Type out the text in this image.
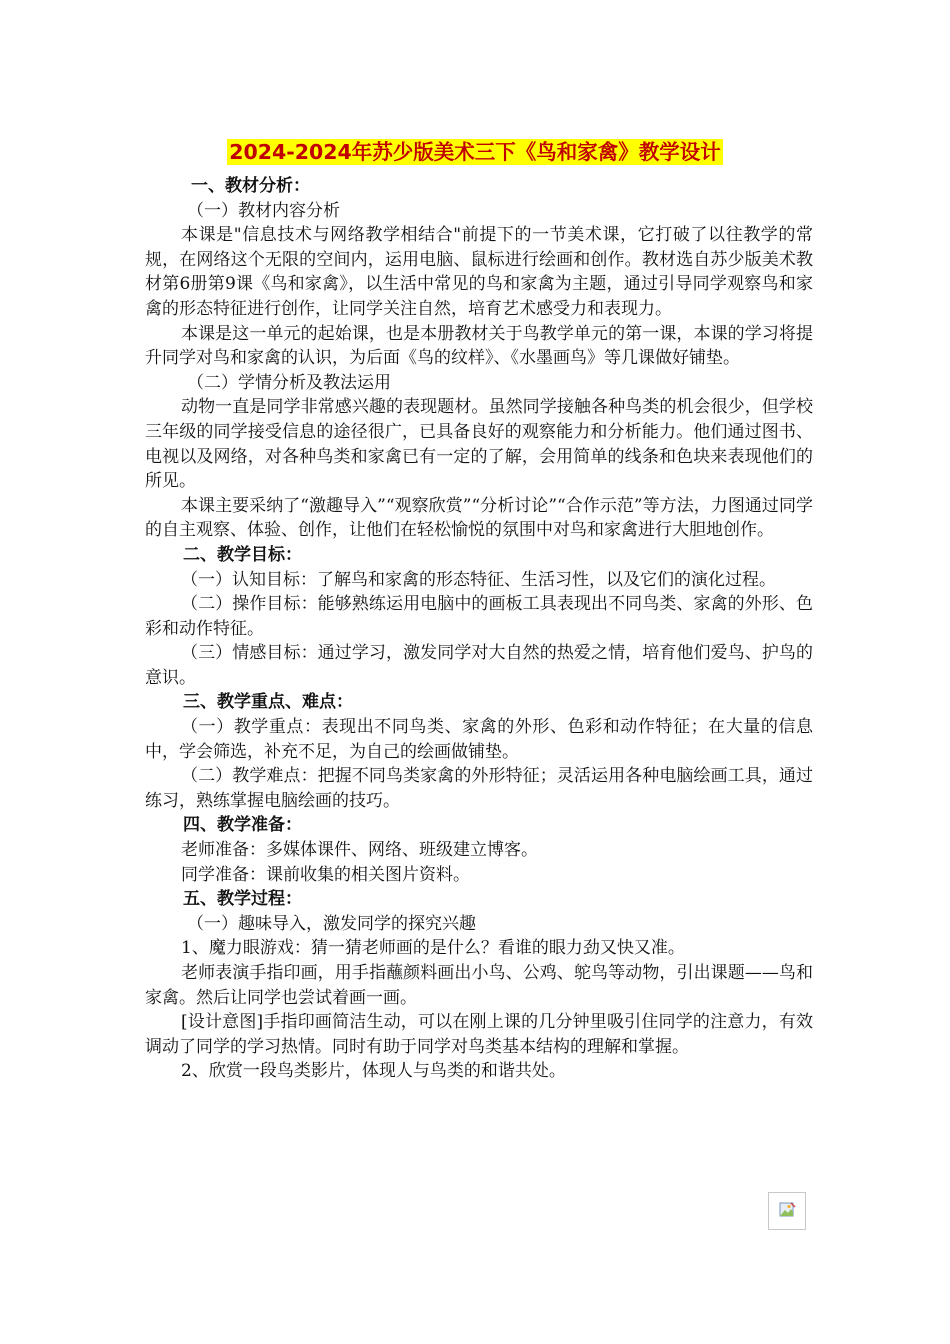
2024-2024年苏少版美术三下《鸟和家禽》教学设计

一、教材分析：

（一）教材内容分析

本课是"信息技术与网络教学相结合"前提下的一节美术课，它打破了以往教学的常规，在网络这个无限的空间内，运用电脑、鼠标进行绘画和创作。教材选自苏少版美术教材第6册第9课《鸟和家禽》，以生活中常见的鸟和家禽为主题，通过引导同学观察鸟和家禽的形态特征进行创作，让同学关注自然，培育艺术感受力和表现力。

本课是这一单元的起始课，也是本册教材关于鸟教学单元的第一课，本课的学习将提升同学对鸟和家禽的认识，为后面《鸟的纹样》、《水墨画鸟》等几课做好铺垫。

（二）学情分析及教法运用

动物一直是同学非常感兴趣的表现题材。虽然同学接触各种鸟类的机会很少，但学校三年级的同学接受信息的途径很广，已具备良好的观察能力和分析能力。他们通过图书、电视以及网络，对各种鸟类和家禽已有一定的了解，会用简单的线条和色块来表现他们的所见。

本课主要采纳了“激趣导入”“观察欣赏”“分析讨论”“合作示范”等方法，力图通过同学的自主观察、体验、创作，让他们在轻松愉悦的氛围中对鸟和家禽进行大胆地创作。

二、教学目标：

（一）认知目标：了解鸟和家禽的形态特征、生活习性，以及它们的演化过程。

（二）操作目标：能够熟练运用电脑中的画板工具表现出不同鸟类、家禽的外形、色彩和动作特征。

（三）情感目标：通过学习，激发同学对大自然的热爱之情，培育他们爱鸟、护鸟的意识。

三、教学重点、难点：

（一）教学重点：表现出不同鸟类、家禽的外形、色彩和动作特征；在大量的信息中，学会筛选，补充不足，为自己的绘画做铺垫。

（二）教学难点：把握不同鸟类家禽的外形特征；灵活运用各种电脑绘画工具，通过练习，熟练掌握电脑绘画的技巧。

四、教学准备：

老师准备：多媒体课件、网络、班级建立博客。

同学准备：课前收集的相关图片资料。

五、教学过程：

（一）趣味导入，激发同学的探究兴趣

1、魔力眼游戏：猜一猜老师画的是什么？看谁的眼力劲又快又准。

老师表演手指印画，用手指蘸颜料画出小鸟、公鸡、鸵鸟等动物，引出课题——鸟和家禽。然后让同学也尝试着画一画。

[设计意图]手指印画简洁生动，可以在刚上课的几分钟里吸引住同学的注意力，有效调动了同学的学习热情。同时有助于同学对鸟类基本结构的理解和掌握。

2、欣赏一段鸟类影片，体现人与鸟类的和谐共处。
